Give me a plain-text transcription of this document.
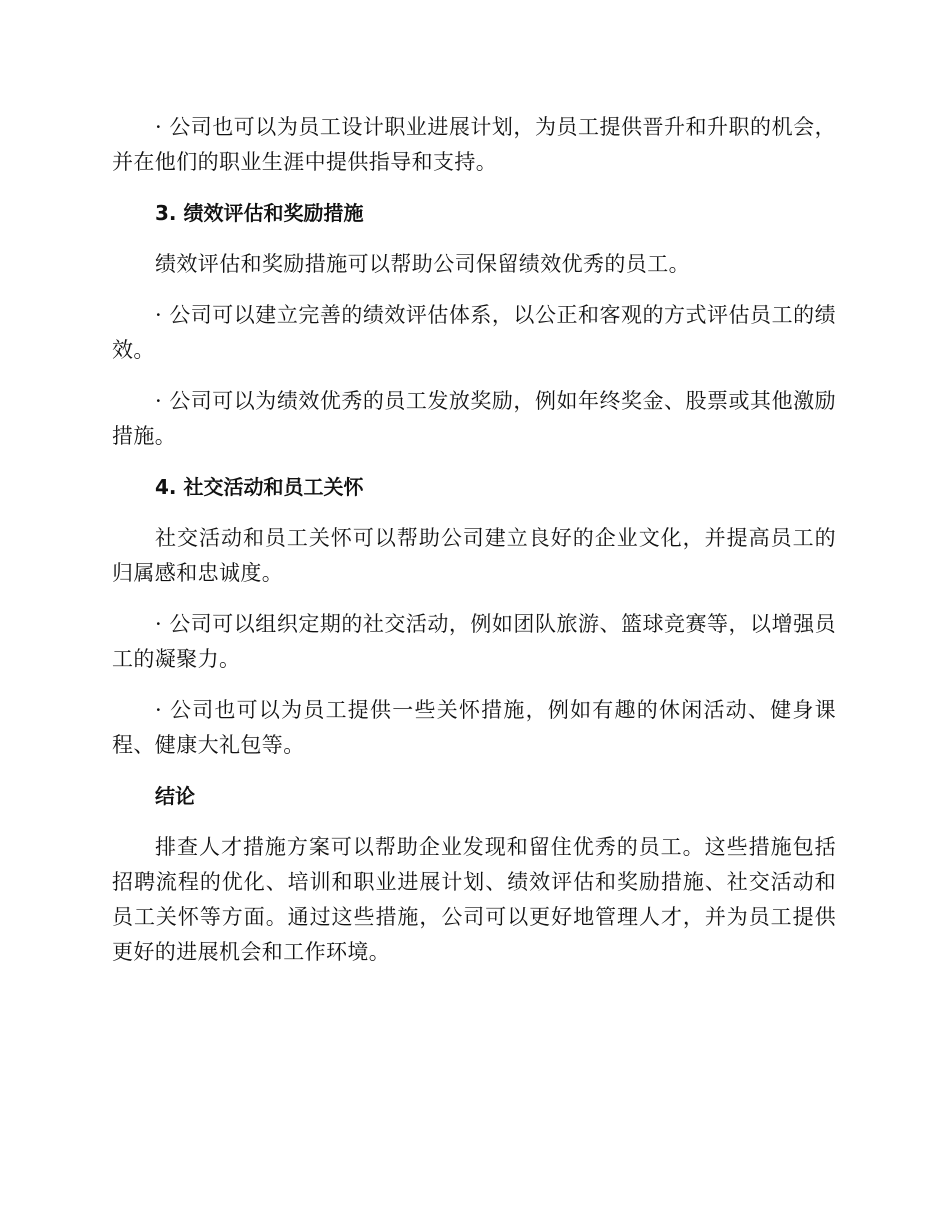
· 公司也可以为员工设计职业进展计划，为员工提供晋升和升职的机会，并在他们的职业生涯中提供指导和支持。

3. 绩效评估和奖励措施

绩效评估和奖励措施可以帮助公司保留绩效优秀的员工。

· 公司可以建立完善的绩效评估体系，以公正和客观的方式评估员工的绩效。

· 公司可以为绩效优秀的员工发放奖励，例如年终奖金、股票或其他激励措施。

4. 社交活动和员工关怀

社交活动和员工关怀可以帮助公司建立良好的企业文化，并提高员工的归属感和忠诚度。

· 公司可以组织定期的社交活动，例如团队旅游、篮球竞赛等，以增强员工的凝聚力。

· 公司也可以为员工提供一些关怀措施，例如有趣的休闲活动、健身课程、健康大礼包等。

结论

排查人才措施方案可以帮助企业发现和留住优秀的员工。这些措施包括招聘流程的优化、培训和职业进展计划、绩效评估和奖励措施、社交活动和员工关怀等方面。通过这些措施，公司可以更好地管理人才，并为员工提供更好的进展机会和工作环境。
